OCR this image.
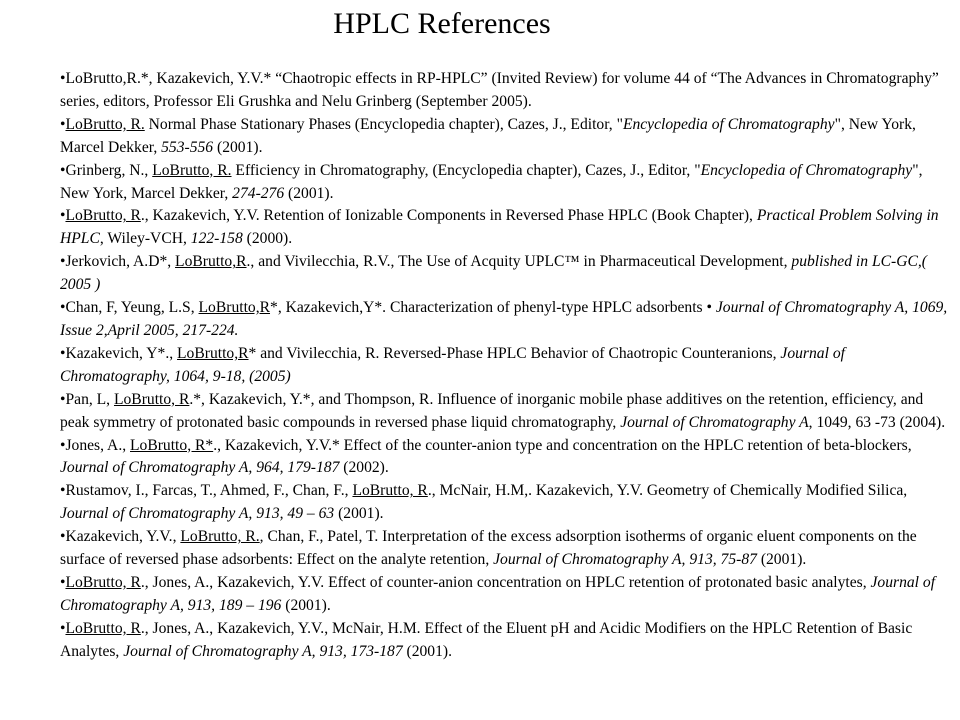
HPLC References
•LoBrutto,R.*, Kazakevich, Y.V.* “Chaotropic effects in RP-HPLC” (Invited Review) for volume 44 of “The Advances in Chromatography” series, editors, Professor Eli Grushka and Nelu Grinberg (September 2005).
•LoBrutto, R. Normal Phase Stationary Phases (Encyclopedia chapter), Cazes, J., Editor, "Encyclopedia of Chromatography", New York, Marcel Dekker, 553-556 (2001).
•Grinberg, N., LoBrutto, R. Efficiency in Chromatography, (Encyclopedia chapter), Cazes, J., Editor, "Encyclopedia of Chromatography", New York, Marcel Dekker, 274-276 (2001).
•LoBrutto, R., Kazakevich, Y.V. Retention of Ionizable Components in Reversed Phase HPLC (Book Chapter), Practical Problem Solving in HPLC, Wiley-VCH, 122-158 (2000).
•Jerkovich, A.D*, LoBrutto,R., and Vivilecchia, R.V., The Use of Acquity UPLC™ in Pharmaceutical Development, published in LC-GC,( 2005 )
•Chan, F, Yeung, L.S, LoBrutto,R*, Kazakevich,Y*. Characterization of phenyl-type HPLC adsorbents • Journal of Chromatography A, 1069, Issue 2,April 2005, 217-224.
•Kazakevich, Y*., LoBrutto,R* and Vivilecchia, R. Reversed-Phase HPLC Behavior of Chaotropic Counteranions, Journal of Chromatography, 1064, 9-18, (2005)
•Pan, L, LoBrutto, R.*, Kazakevich, Y.*, and Thompson, R. Influence of inorganic mobile phase additives on the retention, efficiency, and peak symmetry of protonated basic compounds in reversed phase liquid chromatography, Journal of Chromatography A, 1049, 63 -73 (2004).
•Jones, A., LoBrutto, R*., Kazakevich, Y.V.* Effect of the counter-anion type and concentration on the HPLC retention of beta-blockers, Journal of Chromatography A, 964, 179-187 (2002).
•Rustamov, I., Farcas, T., Ahmed, F., Chan, F., LoBrutto, R., McNair, H.M,. Kazakevich, Y.V. Geometry of Chemically Modified Silica, Journal of Chromatography A, 913, 49 – 63 (2001).
•Kazakevich, Y.V., LoBrutto, R., Chan, F., Patel, T. Interpretation of the excess adsorption isotherms of organic eluent components on the surface of reversed phase adsorbents: Effect on the analyte retention, Journal of Chromatography A, 913, 75-87 (2001).
•LoBrutto, R., Jones, A., Kazakevich, Y.V. Effect of counter-anion concentration on HPLC retention of protonated basic analytes, Journal of Chromatography A, 913, 189 – 196 (2001).
•LoBrutto, R., Jones, A., Kazakevich, Y.V., McNair, H.M. Effect of the Eluent pH and Acidic Modifiers on the HPLC Retention of Basic Analytes, Journal of Chromatography A, 913, 173-187 (2001).
